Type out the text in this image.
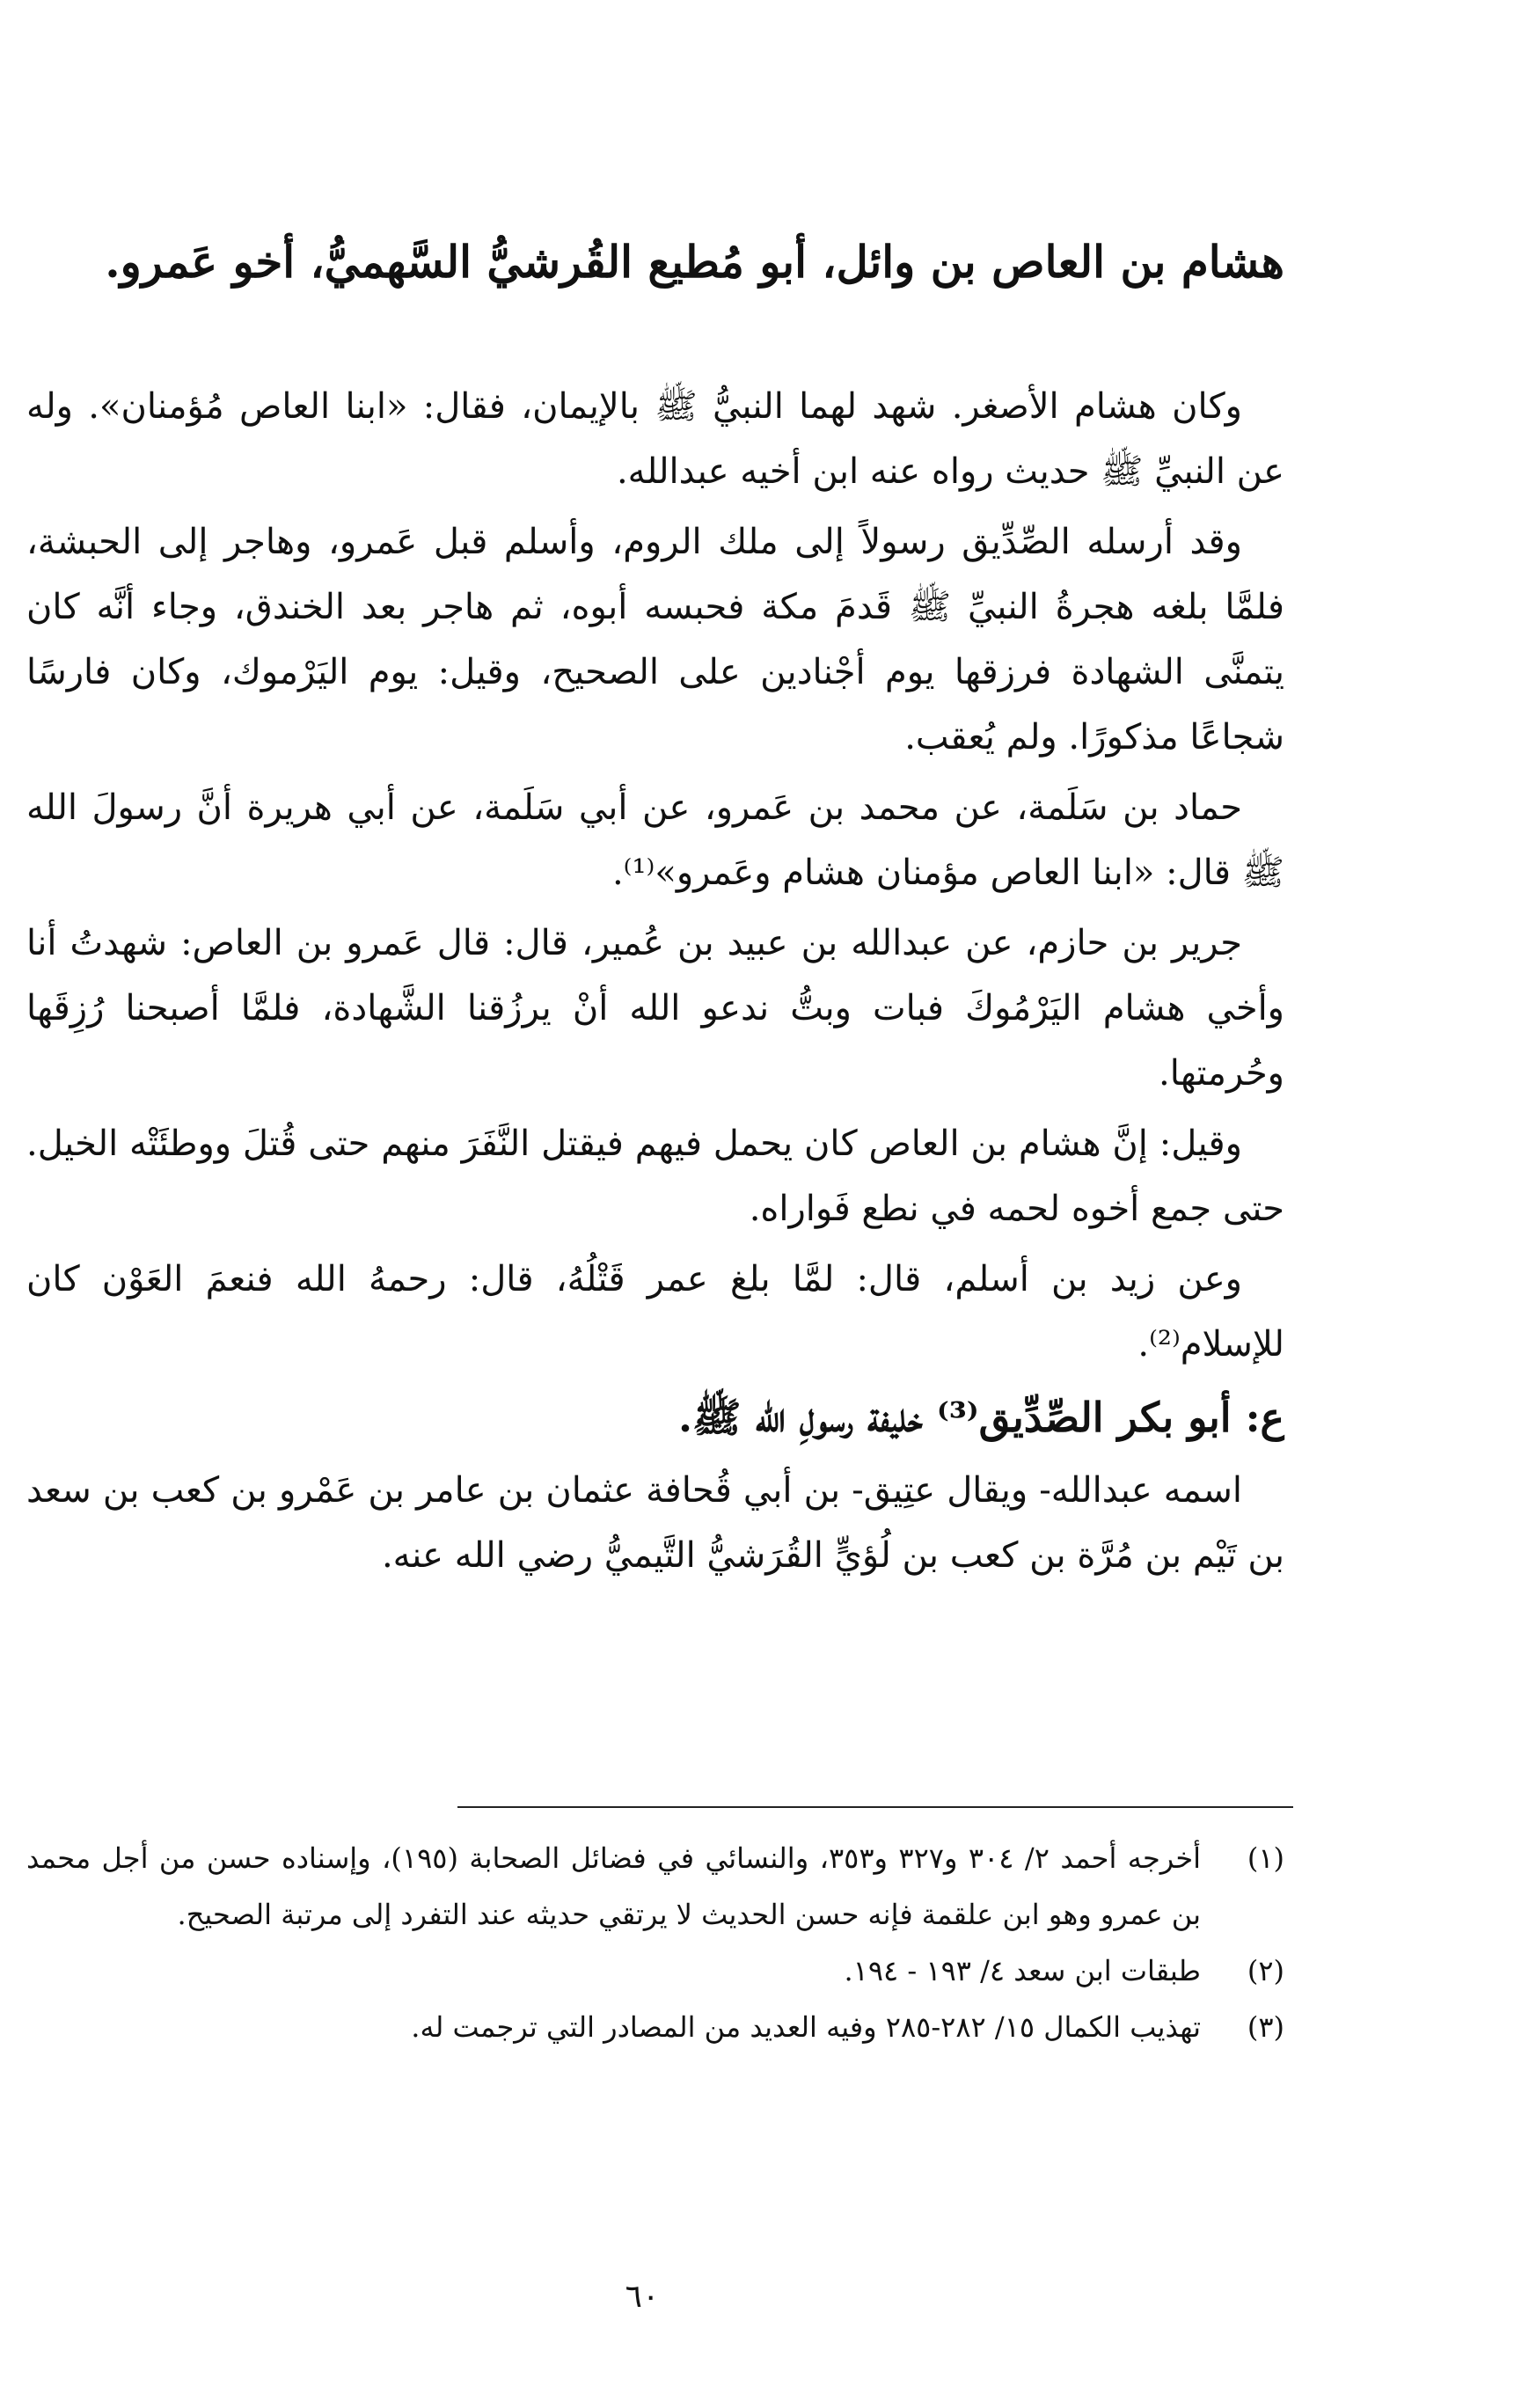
هشام بن العاص بن وائل، أبو مُطيع القُرشيُّ السَّهميُّ، أخو عَمرو.

وكان هشام الأصغر. شهد لهما النبيُّ ﷺ بالإيمان، فقال: «ابنا العاص مُؤمنان». وله عن النبيِّ ﷺ حديث رواه عنه ابن أخيه عبدالله.

وقد أرسله الصِّدِّيق رسولاً إلى ملك الروم، وأسلم قبل عَمرو، وهاجر إلى الحبشة، فلمَّا بلغه هجرةُ النبيِّ ﷺ قَدمَ مكة فحبسه أبوه، ثم هاجر بعد الخندق، وجاء أنَّه كان يتمنَّى الشهادة فرزقها يوم أجْنادين على الصحيح، وقيل: يوم اليَرْموك، وكان فارسًا شجاعًا مذكورًا. ولم يُعقب.

حماد بن سَلَمة، عن محمد بن عَمرو، عن أبي سَلَمة، عن أبي هريرة أنَّ رسولَ الله ﷺ قال: «ابنا العاص مؤمنان هشام وعَمرو»⁽¹⁾.

جرير بن حازم، عن عبدالله بن عبيد بن عُمير، قال: قال عَمرو بن العاص: شهدتُ أنا وأخي هشام اليَرْمُوكَ فبات وبتُّ ندعو الله أنْ يرزُقنا الشَّهادة، فلمَّا أصبحنا رُزِقَها وحُرمتها.

وقيل: إنَّ هشام بن العاص كان يحمل فيهم فيقتل النَّفَرَ منهم حتى قُتلَ ووطئَتْه الخيل. حتى جمع أخوه لحمه في نطع فَواراه.

وعن زيد بن أسلم، قال: لمَّا بلغ عمر قَتْلُهُ، قال: رحمهُ الله فنعمَ العَوْن كان للإسلام⁽²⁾.

ع: أبو بكر الصِّدِّيق⁽³⁾ خليفة رسولِ الله ﷺ.

اسمه عبدالله- ويقال عتِيق- بن أبي قُحافة عثمان بن عامر بن عَمْرو بن كعب بن سعد بن تَيْم بن مُرَّة بن كعب بن لُؤيٍّ القُرَشيُّ التَّيميُّ رضي الله عنه.

(١)
أخرجه أحمد ٢/ ٣٠٤ و٣٢٧ و٣٥٣، والنسائي في فضائل الصحابة (١٩٥)، وإسناده حسن من أجل محمد بن عمرو وهو ابن علقمة فإنه حسن الحديث لا يرتقي حديثه عند التفرد إلى مرتبة الصحيح.
(٢)
طبقات ابن سعد ٤/ ١٩٣ - ١٩٤.
(٣)
تهذيب الكمال ١٥/ ٢٨٢-٢٨٥ وفيه العديد من المصادر التي ترجمت له.

٦٠
